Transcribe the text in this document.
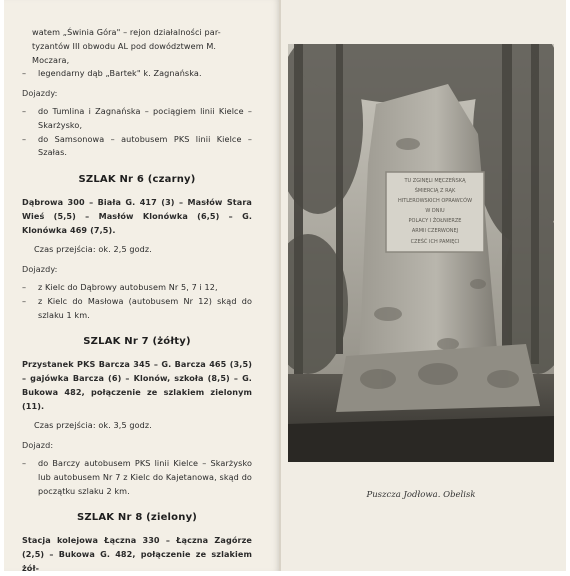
watem „Świnia Góra" – rejon działalności par-

tyzantów III obwodu AL pod dowództwem M.

Moczara,

– legendarny dąb „Bartek" k. Zagnańska.

Dojazdy:

– do Tumlina i Zagnańska – pociągiem linii Kielce – Skarżysko,

– do Samsonowa – autobusem PKS linii Kielce – Szałas.

SZLAK Nr 6 (czarny)

Dąbrowa 300 – Biała G. 417 (3) – Masłów Stara Wieś (5,5) – Masłów Klonówka (6,5) – G. Klonówka 469 (7,5).

Czas przejścia: ok. 2,5 godz.

Dojazdy:

– z Kielc do Dąbrowy autobusem Nr 5, 7 i 12,

– z Kielc do Masłowa (autobusem Nr 12) skąd do szlaku 1 km.

SZLAK Nr 7 (żółty)

Przystanek PKS Barcza 345 – G. Barcza 465 (3,5) – gajówka Barcza (6) – Klonów, szkoła (8,5) – G. Bukowa 482, połączenie ze szlakiem zielonym (11).

Czas przejścia: ok. 3,5 godz.

Dojazd:

– do Barczy autobusem PKS linii Kielce – Skarżysko lub autobusem Nr 7 z Kielc do Kajetanowa, skąd do początku szlaku 2 km.

SZLAK Nr 8 (zielony)

Stacja kolejowa Łączna 330 – Łączna Zagórze (2,5) – Bukowa G. 482, połączenie ze szlakiem żół-

TU ZGINĘLI MĘCZEŃSKĄ
ŚMIERCIĄ Z RĄK
HITLEROWSKICH OPRAWCÓW
W DNIU
POLACY I ŻOŁNIERZE
ARMII CZERWONEJ
CZEŚĆ ICH PAMIĘCI
Puszcza Jodłowa. Obelisk
